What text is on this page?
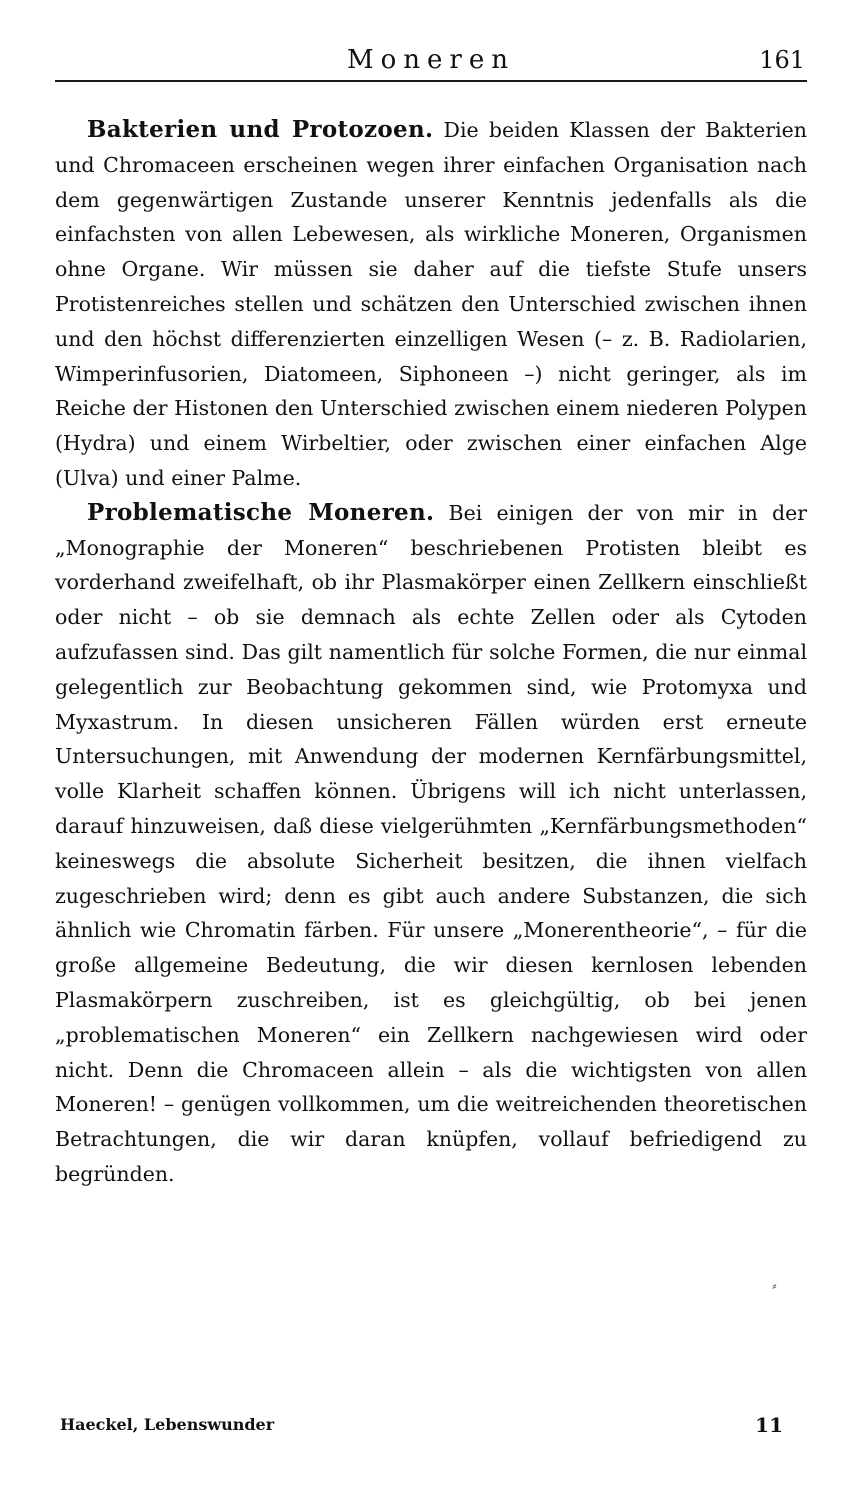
Moneren	161

Bakterien und Protozoen. Die beiden Klassen der Bakterien und Chromaceen erscheinen wegen ihrer einfachen Organisation nach dem gegenwärtigen Zustande unserer Kenntnis jedenfalls als die einfachsten von allen Lebewesen, als wirkliche Moneren, Organismen ohne Organe. Wir müssen sie daher auf die tiefste Stufe unsers Protistenreiches stellen und schätzen den Unterschied zwischen ihnen und den höchst differenzierten einzelligen Wesen (– z. B. Radiolarien, Wimperinfusorien, Diatomeen, Siphoneen –) nicht geringer, als im Reiche der Histonen den Unterschied zwischen einem niederen Polypen (Hydra) und einem Wirbeltier, oder zwischen einer einfachen Alge (Ulva) und einer Palme.

Problematische Moneren. Bei einigen der von mir in der „Monographie der Moneren“ beschriebenen Protisten bleibt es vorderhand zweifelhaft, ob ihr Plasmakörper einen Zellkern einschließt oder nicht – ob sie demnach als echte Zellen oder als Cytoden aufzufassen sind. Das gilt namentlich für solche Formen, die nur einmal gelegentlich zur Beobachtung gekommen sind, wie Protomyxa und Myxastrum. In diesen unsicheren Fällen würden erst erneute Untersuchungen, mit Anwendung der modernen Kernfärbungsmittel, volle Klarheit schaffen können. Übrigens will ich nicht unterlassen, darauf hinzuweisen, daß diese vielgerühmten „Kernfärbungsmethoden“ keineswegs die absolute Sicherheit besitzen, die ihnen vielfach zugeschrieben wird; denn es gibt auch andere Substanzen, die sich ähnlich wie Chromatin färben. Für unsere „Monerentheorie“, – für die große allgemeine Bedeutung, die wir diesen kernlosen lebenden Plasmakörpern zuschreiben, ist es gleichgültig, ob bei jenen „problematischen Moneren“ ein Zellkern nachgewiesen wird oder nicht. Denn die Chromaceen allein – als die wichtigsten von allen Moneren! – genügen vollkommen, um die weitreichenden theoretischen Betrachtungen, die wir daran knüpfen, vollauf befriedigend zu begründen.

⸗
Haeckel, Lebenswunder	11
